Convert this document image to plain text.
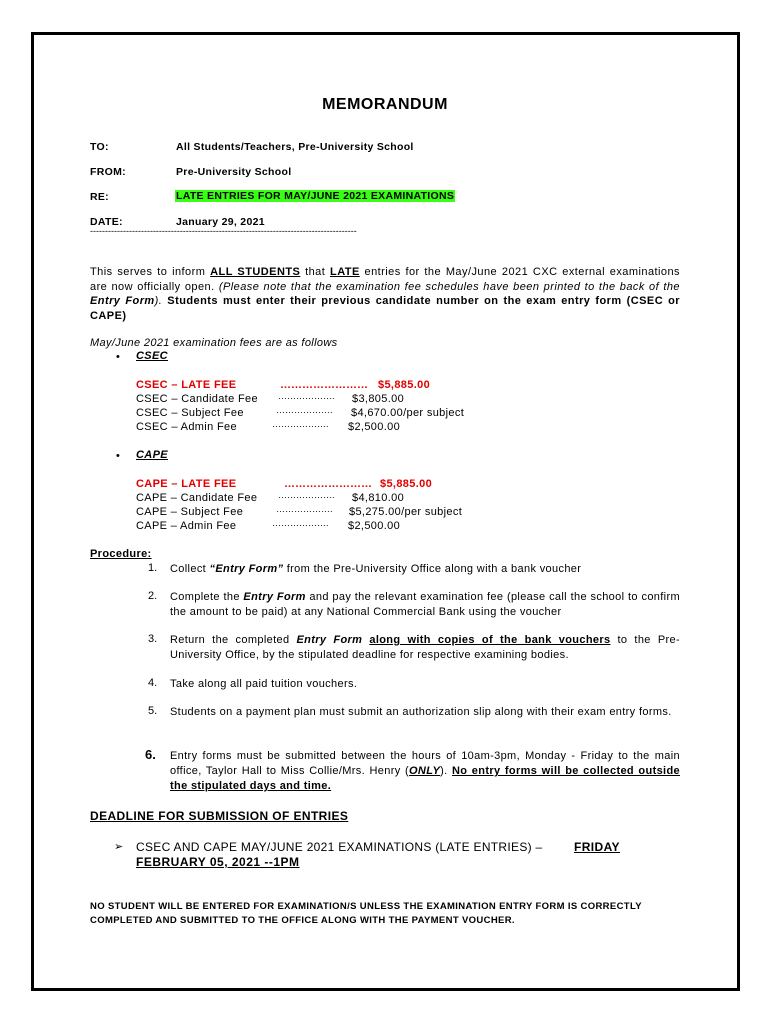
MEMORANDUM
TO:	All Students/Teachers, Pre-University School
FROM:	Pre-University School
RE:	LATE ENTRIES FOR MAY/JUNE 2021 EXAMINATIONS
DATE:	January 29, 2021
-----------------------------------------------------------------------------------------
This serves to inform ALL STUDENTS that LATE entries for the May/June 2021 CXC external examinations are now officially open. (Please note that the examination fee schedules have been printed to the back of the Entry Form). Students must enter their previous candidate number on the exam entry form (CSEC or CAPE)
May/June 2021 examination fees are as follows
• CSEC
CSEC – LATE FEE	…………………… $5,885.00
CSEC – Candidate Fee ………………. $3,805.00
CSEC – Subject Fee	………………. $4,670.00/per subject
CSEC – Admin Fee	………………. $2,500.00
• CAPE
CAPE – LATE FEE	…………………… $5,885.00
CAPE – Candidate Fee ………………. $4,810.00
CAPE – Subject Fee	………………. $5,275.00/per subject
CAPE – Admin Fee	………………. $2,500.00
Procedure:
1. Collect “Entry Form” from the Pre-University Office along with a bank voucher
2. Complete the Entry Form and pay the relevant examination fee (please call the school to confirm the amount to be paid) at any National Commercial Bank using the voucher
3. Return the completed Entry Form along with copies of the bank vouchers to the Pre-University Office, by the stipulated deadline for respective examining bodies.
4. Take along all paid tuition vouchers.
5. Students on a payment plan must submit an authorization slip along with their exam entry forms.
6. Entry forms must be submitted between the hours of 10am-3pm, Monday - Friday to the main office, Taylor Hall to Miss Collie/Mrs. Henry (ONLY). No entry forms will be collected outside the stipulated days and time.
DEADLINE FOR SUBMISSION OF ENTRIES
➢ CSEC AND CAPE MAY/JUNE 2021 EXAMINATIONS (LATE ENTRIES) –	FRIDAY
FEBRUARY 05, 2021 --1PM
NO STUDENT WILL BE ENTERED FOR EXAMINATION/S UNLESS THE EXAMINATION ENTRY FORM IS CORRECTLY COMPLETED AND SUBMITTED TO THE OFFICE ALONG WITH THE PAYMENT VOUCHER.
